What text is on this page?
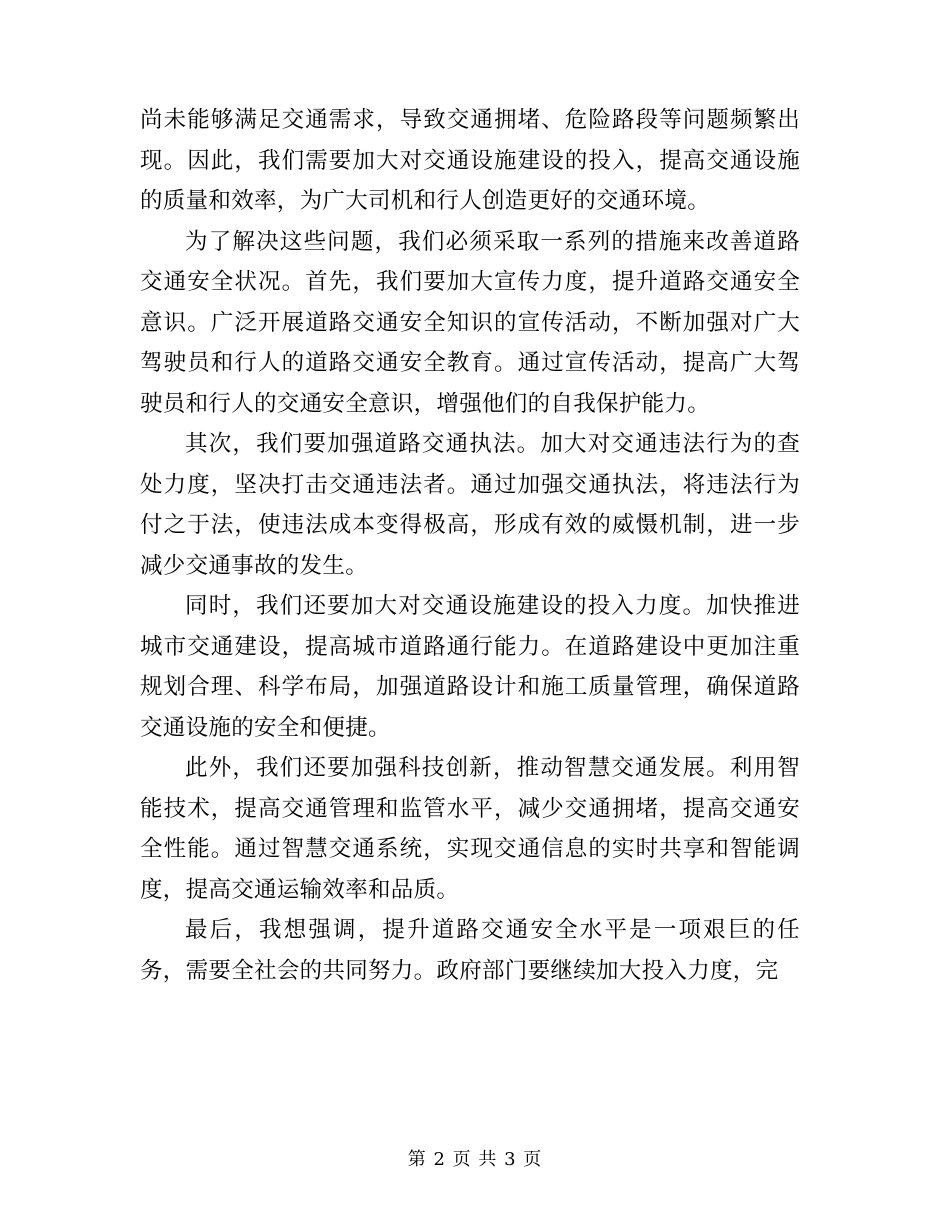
尚未能够满足交通需求，导致交通拥堵、危险路段等问题频繁出现。因此，我们需要加大对交通设施建设的投入，提高交通设施的质量和效率，为广大司机和行人创造更好的交通环境。

为了解决这些问题，我们必须采取一系列的措施来改善道路交通安全状况。首先，我们要加大宣传力度，提升道路交通安全意识。广泛开展道路交通安全知识的宣传活动，不断加强对广大驾驶员和行人的道路交通安全教育。通过宣传活动，提高广大驾驶员和行人的交通安全意识，增强他们的自我保护能力。

其次，我们要加强道路交通执法。加大对交通违法行为的查处力度，坚决打击交通违法者。通过加强交通执法，将违法行为付之于法，使违法成本变得极高，形成有效的威慑机制，进一步减少交通事故的发生。

同时，我们还要加大对交通设施建设的投入力度。加快推进城市交通建设，提高城市道路通行能力。在道路建设中更加注重规划合理、科学布局，加强道路设计和施工质量管理，确保道路交通设施的安全和便捷。

此外，我们还要加强科技创新，推动智慧交通发展。利用智能技术，提高交通管理和监管水平，减少交通拥堵，提高交通安全性能。通过智慧交通系统，实现交通信息的实时共享和智能调度，提高交通运输效率和品质。

最后，我想强调，提升道路交通安全水平是一项艰巨的任务，需要全社会的共同努力。政府部门要继续加大投入力度，完

第 2 页 共 3 页
